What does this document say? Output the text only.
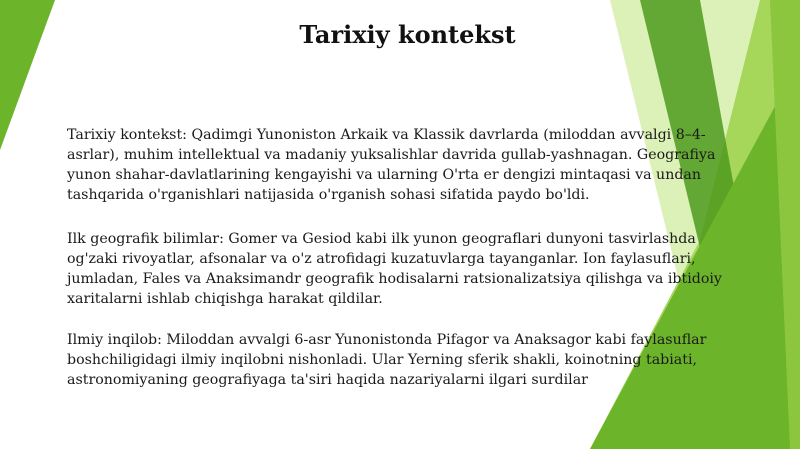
Tarixiy kontekst

Tarixiy kontekst: Qadimgi Yunoniston Arkaik va Klassik davrlarda (miloddan avvalgi 8–4-
asrlar), muhim intellektual va madaniy yuksalishlar davrida gullab-yashnagan. Geografiya
yunon shahar-davlatlarining kengayishi va ularning O'rta er dengizi mintaqasi va undan
tashqarida o'rganishlari natijasida o'rganish sohasi sifatida paydo bo'ldi.

Ilk geografik bilimlar: Gomer va Gesiod kabi ilk yunon geograflari dunyoni tasvirlashda
og'zaki rivoyatlar, afsonalar va o'z atrofidagi kuzatuvlarga tayanganlar. Ion faylasuflari,
jumladan, Fales va Anaksimandr geografik hodisalarni ratsionalizatsiya qilishga va ibtidoiy
xaritalarni ishlab chiqishga harakat qildilar.

Ilmiy inqilob: Miloddan avvalgi 6-asr Yunonistonda Pifagor va Anaksagor kabi faylasuflar
boshchiligidagi ilmiy inqilobni nishonladi. Ular Yerning sferik shakli, koinotning tabiati,
astronomiyaning geografiyaga ta'siri haqida nazariyalarni ilgari surdilar
